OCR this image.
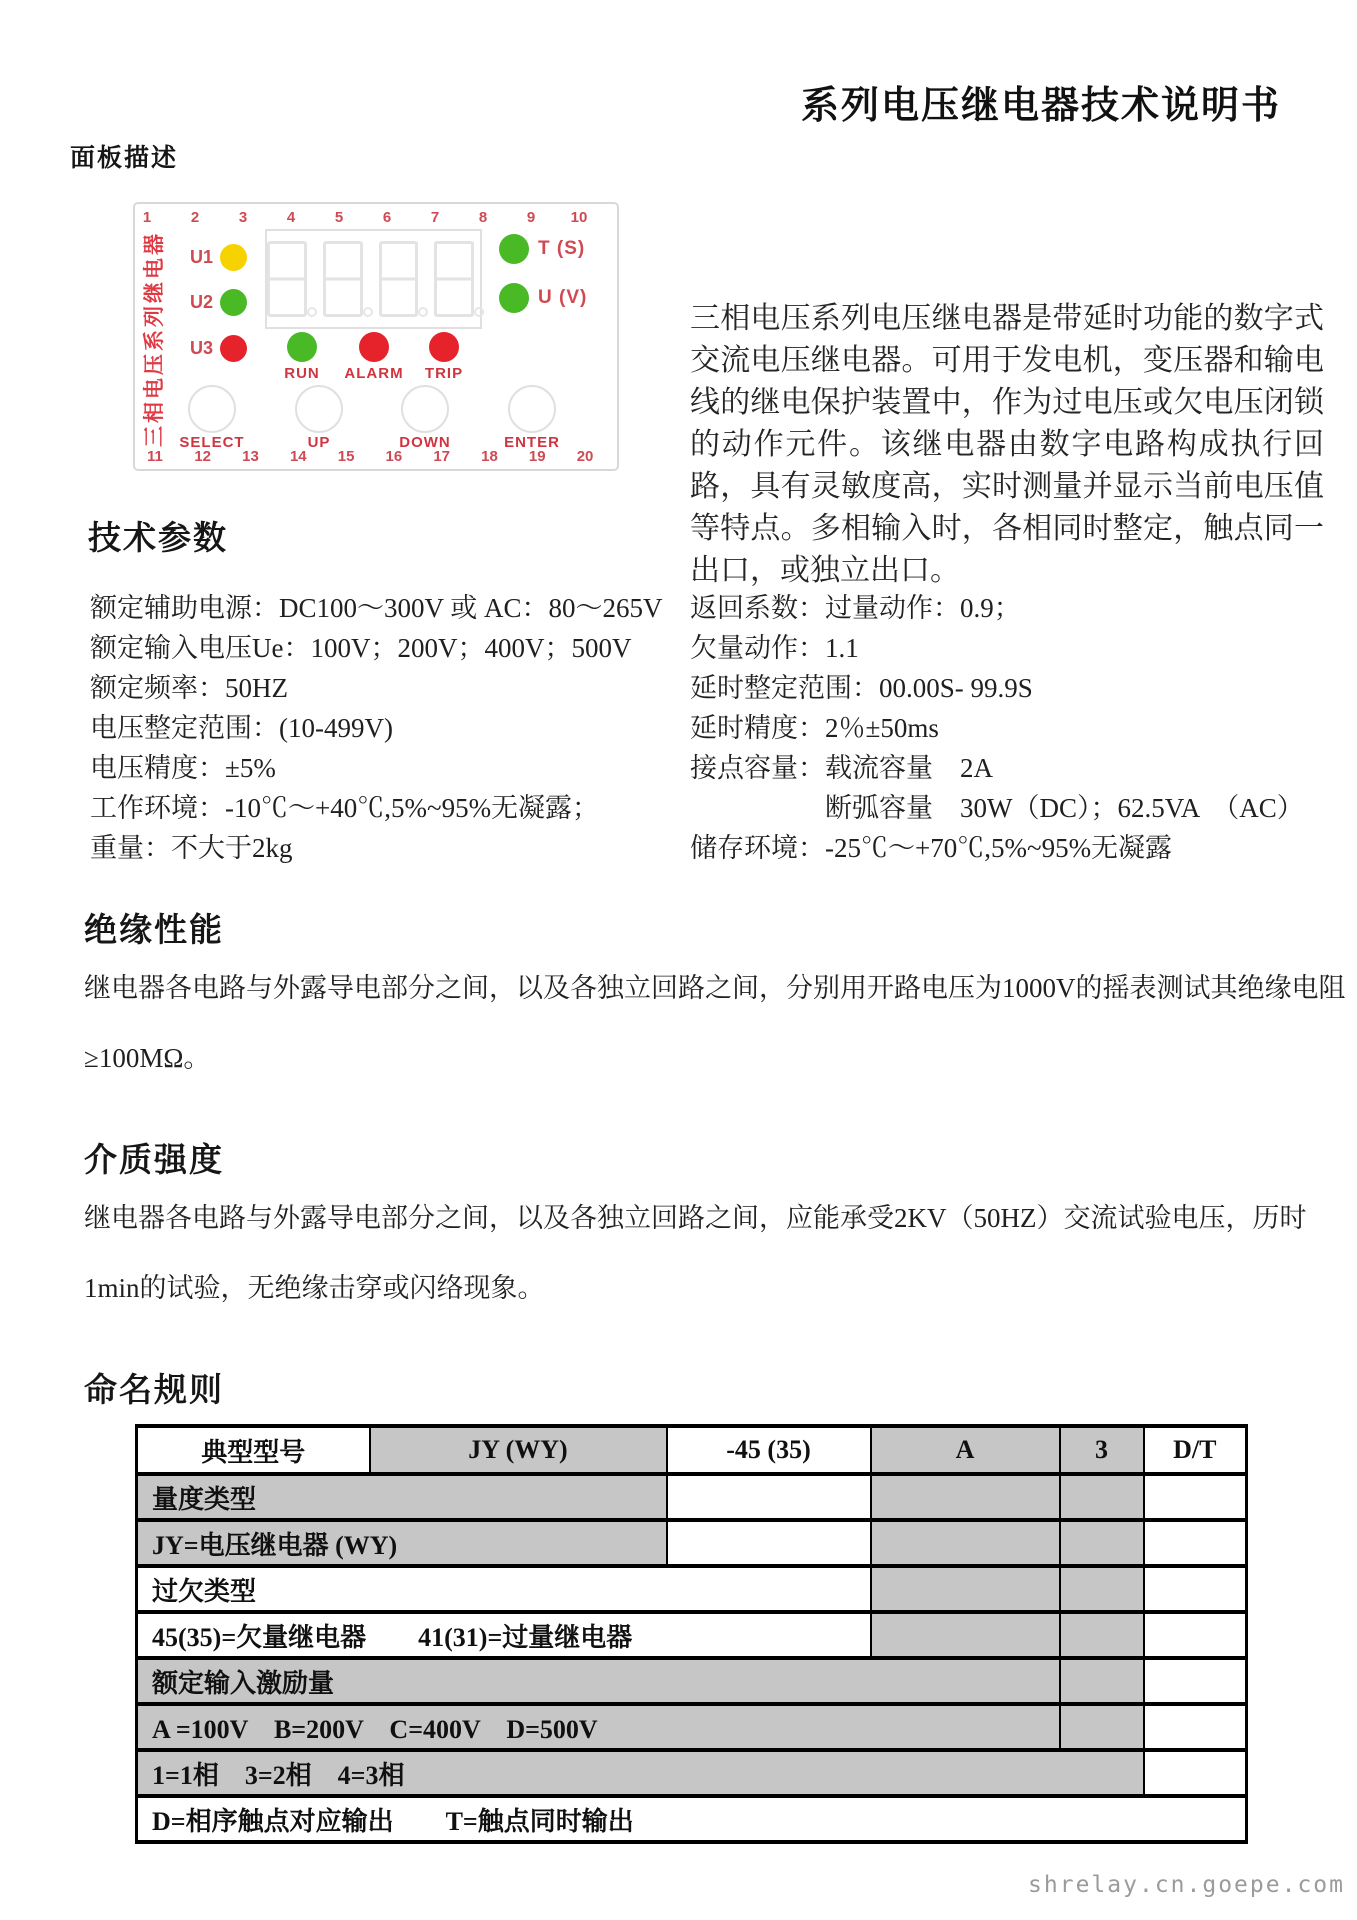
系列电压继电器技术说明书
面板描述
1	2	3	4	5	6	7	8	9	10
三相电压系列继电器	U1
U2
U3
T (S)
U (V)
RUN	ALARM	TRIP
SELECT	UP	DOWN	ENTER
11	12	13	14	15	16	17	18	19	20
三相电压系列电压继电器是带延时功能的数字式交流电压继电器。可用于发电机，变压器和输电线的继电保护装置中，作为过电压或欠电压闭锁的动作元件。该继电器由数字电路构成执行回路，具有灵敏度高，实时测量并显示当前电压值等特点。多相输入时，各相同时整定，触点同一出口，或独立出口。
技术参数
额定辅助电源：DC100～300V 或 AC：80～265V
额定输入电压Ue：100V；200V；400V；500V
额定频率：50HZ
电压整定范围：(10-499V)
电压精度：±5%
工作环境：-10℃～+40℃,5%~95%无凝露；
重量：不大于2kg
返回系数：过量动作：0.9；
欠量动作：1.1
延时整定范围：00.00S- 99.9S
延时精度：2％±50ms
接点容量：载流容量　2A
　　　　　断弧容量　30W（DC）；62.5VA　（AC）
储存环境：-25℃～+70℃,5%~95%无凝露
绝缘性能
继电器各电路与外露导电部分之间，以及各独立回路之间，分别用开路电压为1000V的摇表测试其绝缘电阻
≥100MΩ。
介质强度
继电器各电路与外露导电部分之间，以及各独立回路之间，应能承受2KV（50HZ）交流试验电压，历时
1min的试验，无绝缘击穿或闪络现象。
命名规则
典型型号	JY (WY)	-45 (35)	A	3	D/T
量度类型					
JY=电压继电器 (WY)					
过欠类型					
45(35)=欠量继电器　　41(31)=过量继电器					
额定输入激励量					
A =100V　B=200V　C=400V　D=500V					
1=1相　3=2相　4=3相					
D=相序触点对应输出　　T=触点同时输出					
shrelay.cn.goepe.com
